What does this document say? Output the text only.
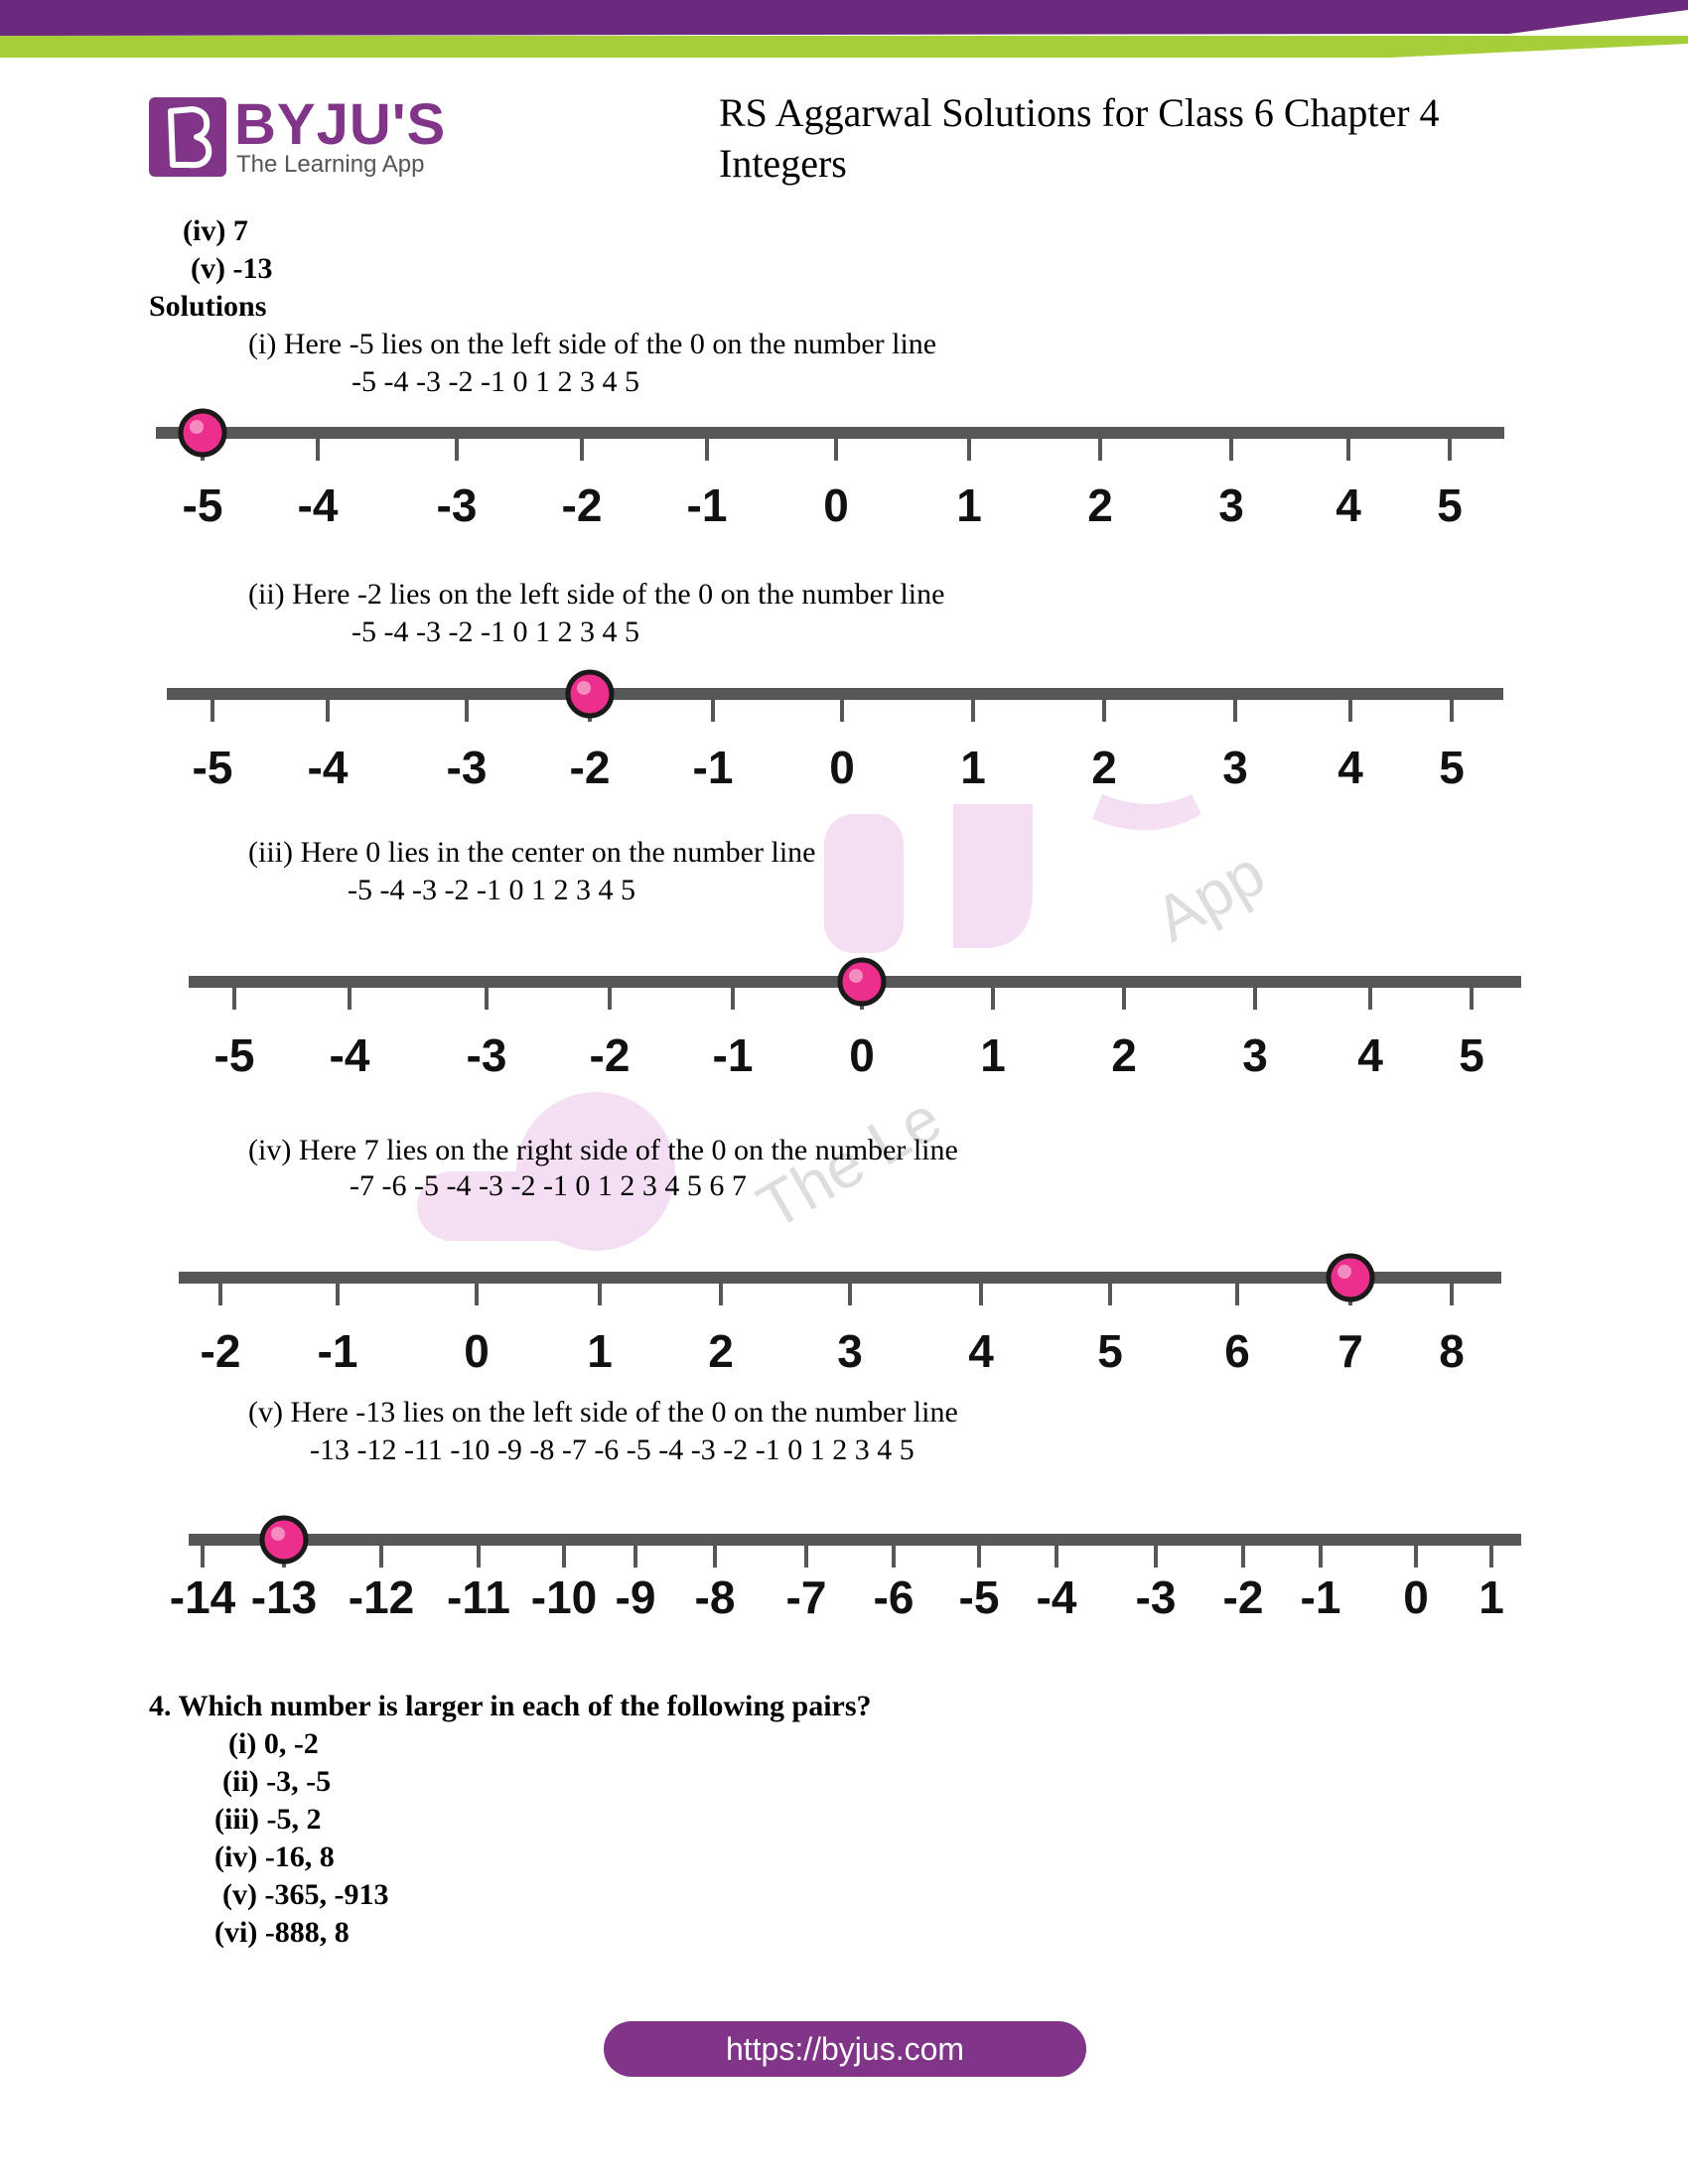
App
The Le
BYJU'S
The Learning App
RS Aggarwal Solutions for Class 6 Chapter 4
Integers
(iv) 7
(v) -13
Solutions
(i) Here -5 lies on the left side of the 0 on the number line
-5 -4 -3 -2 -1 0 1 2 3 4 5
-5 -4 -3 -2 -1 0 1 2 3 4 5
(ii) Here -2 lies on the left side of the 0 on the number line
-5 -4 -3 -2 -1 0 1 2 3 4 5
-5 -4 -3 -2 -1 0 1 2 3 4 5
(iii) Here 0 lies in the center on the number line
-5 -4 -3 -2 -1 0 1 2 3 4 5
-5 -4 -3 -2 -1 0 1 2 3 4 5
(iv) Here 7 lies on the right side of the 0 on the number line
-7 -6 -5 -4 -3 -2 -1 0 1 2 3 4 5 6 7
-2 -1 0 1 2 3 4 5 6 7 8
(v) Here -13 lies on the left side of the 0 on the number line
-13 -12 -11 -10 -9 -8 -7 -6 -5 -4 -3 -2 -1 0 1 2 3 4 5
-14 -13 -12 -11 -10 -9 -8 -7 -6 -5 -4 -3 -2 -1 0 1
4. Which number is larger in each of the following pairs?
(i) 0, -2
(ii) -3, -5
(iii) -5, 2
(iv) -16, 8
(v) -365, -913
(vi) -888, 8
https://byjus.com
